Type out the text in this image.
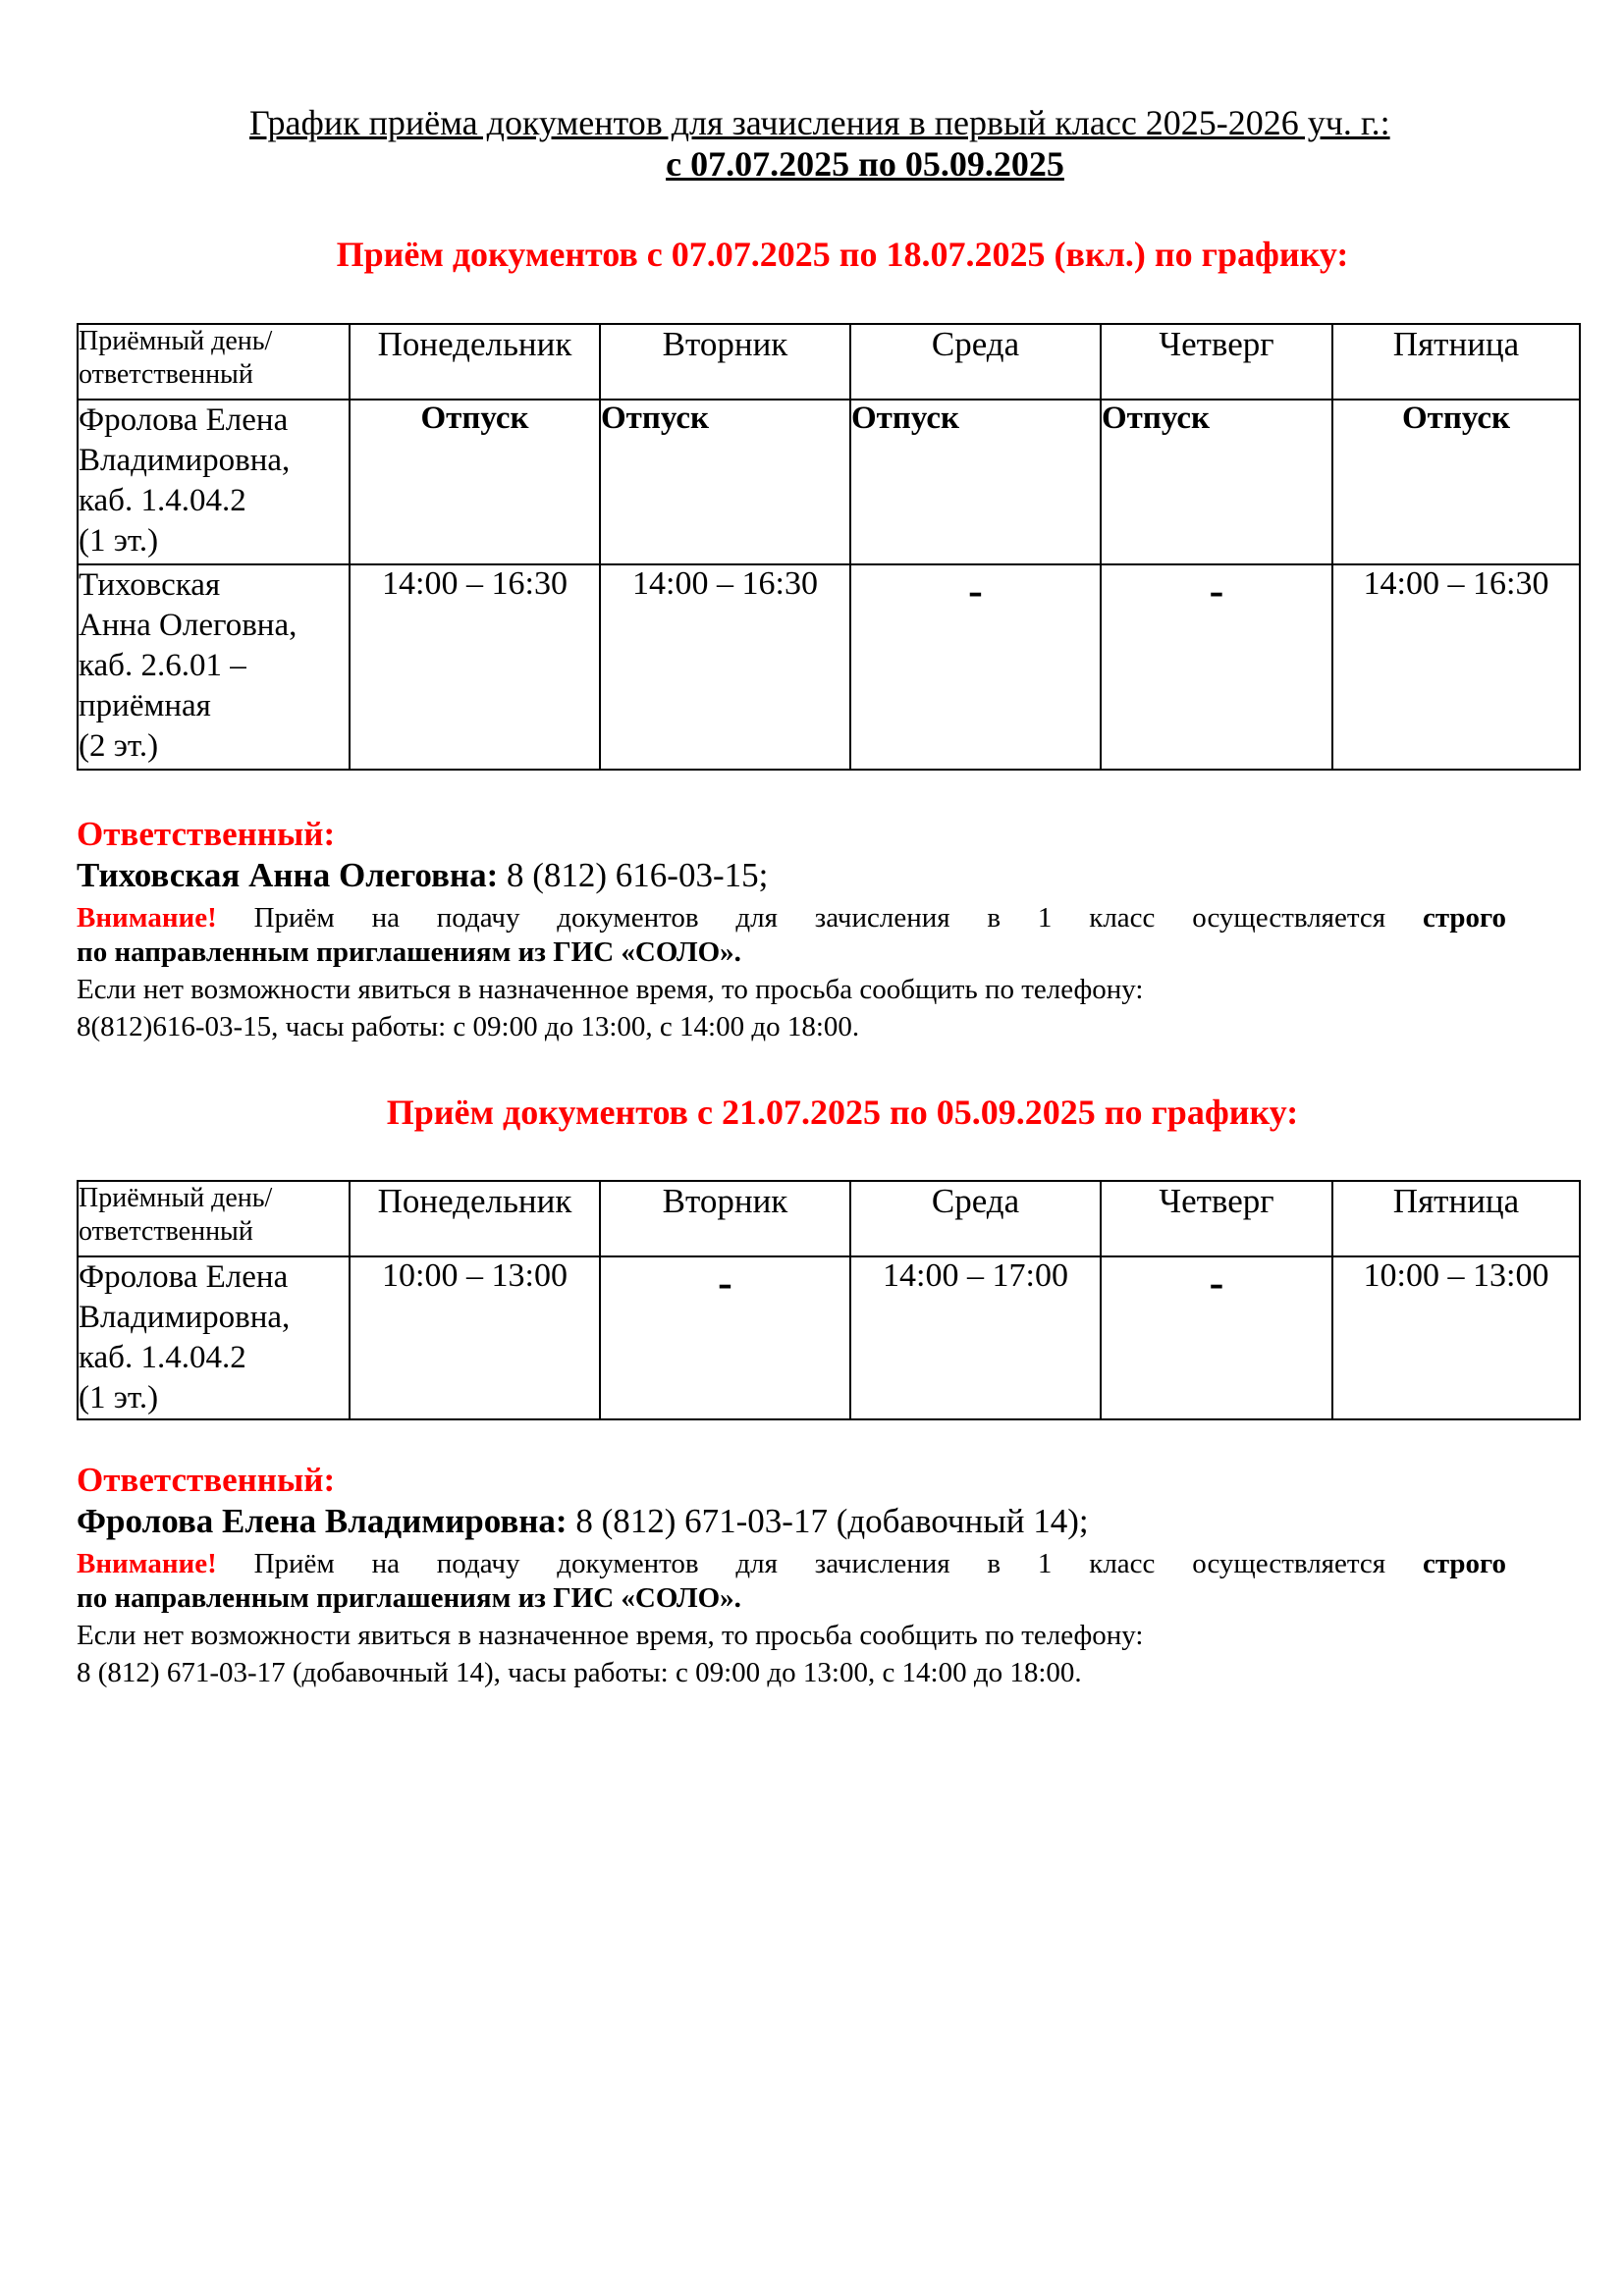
График приёма документов для зачисления в первый класс 2025-2026 уч. г.:
с 07.07.2025 по 05.09.2025
Приём документов с 07.07.2025 по 18.07.2025 (вкл.) по графику:
Приёмный день/ ответственный	Понедельник	Вторник	Среда	Четверг	Пятница

Фролова Елена
Владимировна,
каб. 1.4.04.2
(1 эт.)	Отпуск	Отпуск	Отпуск	Отпуск	Отпуск

Тиховская
Анна Олеговна,
каб. 2.6.01 –
приёмная
(2 эт.)	14:00 – 16:30	14:00 – 16:30	-	-	14:00 – 16:30
Ответственный:
Тиховская Анна Олеговна: 8 (812) 616-03-15;
Внимание! Приём на подачу документов для зачисления в 1 класс осуществляется строго
по направленным приглашениям из ГИС «СОЛО».
Если нет возможности явиться в назначенное время, то просьба сообщить по телефону:
8(812)616-03-15, часы работы: с 09:00 до 13:00, с 14:00 до 18:00.
Приём документов с 21.07.2025 по 05.09.2025 по графику:
Приёмный день/ ответственный	Понедельник	Вторник	Среда	Четверг	Пятница

Фролова Елена
Владимировна,
каб. 1.4.04.2
(1 эт.)	10:00 – 13:00	-	14:00 – 17:00	-	10:00 – 13:00
Ответственный:
Фролова Елена Владимировна: 8 (812) 671-03-17 (добавочный 14);
Внимание! Приём на подачу документов для зачисления в 1 класс осуществляется строго
по направленным приглашениям из ГИС «СОЛО».
Если нет возможности явиться в назначенное время, то просьба сообщить по телефону:
8 (812) 671-03-17 (добавочный 14), часы работы: с 09:00 до 13:00, с 14:00 до 18:00.
